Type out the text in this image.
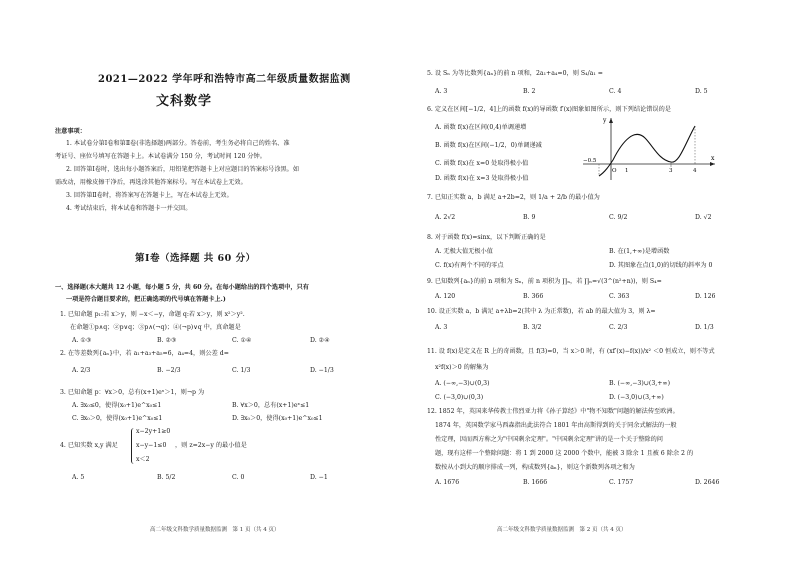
2021—2022 学年呼和浩特市高二年级质量数据监测
文科数学
注意事项：
1. 本试卷分第Ⅰ卷和第Ⅱ卷(非选择题)两部分。答卷前，考生务必将自己的姓名、准
考证号、座位号填写在答题卡上。本试卷满分 150 分，考试时间 120 分钟。
2. 回答第Ⅰ卷时，选出每小题答案后，用铅笔把答题卡上对应题目的答案标号涂黑。如
需改动，用橡皮擦干净后，再选涂其他答案标号。写在本试卷上无效。
3. 回答第Ⅱ卷时，将答案写在答题卡上，写在本试卷上无效。
4. 考试结束后，将本试卷和答题卡一并交回。
第Ⅰ卷（选择题 共 60 分）
一、选择题(本大题共 12 小题，每小题 5 分，共 60 分。在每小题给出的四个选项中，只有
一项是符合题目要求的，把正确选项的代号填在答题卡上.)
1. 已知命题 p₁:若 x＞y，则 −x＜−y，命题 q:若 x＞y，则 x²＞y².
在命题①p∧q；②p∨q；③p∧(¬q)；④(¬p)∨q 中，真命题是
A. ①③	B. ②③	C. ①④	D. ②④
2. 在等差数列{aₙ}中，若 a₁+a₃+a₅=6，a₄=4，则公差 d=
A. 2/3	B. −2/3	C. 1/3	D. −1/3
3. 已知命题 p：∀x＞0，总有(x+1)eˣ＞1，则¬p 为
A. ∃x₀≤0，使得(x₀+1)e^x₀≤1	B. ∀x＞0，总有(x+1)eˣ≤1
C. ∃x₀＞0，使得(x₀+1)e^x₀≤1	D. ∃x₀＞0，使得(x₀+1)e^x₀≤1
4. 已知实数 x,y 满足
x−2y+1≥0
x−y−1≤0
x＜2
，则 z=2x−y 的最小值是
A. 5	B. 5/2	C. 0	D. −1
高二年级文科数学质量数据监测　第 1 页（共 4 页）
5. 设 Sₙ 为等比数列{aₙ}的前 n 项和，2a₁+a₄=0，则 S₄/a₁ =
A. 3	B. 2	C. 4	D. 5
6. 定义在区间[−1/2，4]上的函数 f(x)的导函数 f′(x)图象如图所示，则下列结论错误的是
A. 函数 f(x)在区间(0,4)单调递增
B. 函数 f(x)在区间(−1/2，0)单调递减
C. 函数 f(x)在 x=0 处取得极小值
D. 函数 f(x)在 x=3 处取得极小值
y
x
O
−0.5
1	3	4
7. 已知正实数 a，b 满足 a+2b=2，则 1/a + 2/b 的最小值为
A. 2√2	B. 9	C. 9/2	D. √2
8. 对于函数 f(x)=sinx，以下判断正确的是
A. 无极大值无极小值	B. 在(1,+∞)是增函数
C. f(x)有两个不同的零点	D. 其图象在点(1,0)的切线的斜率为 0
9. 已知数列{aₙ}的前 n 项和为 Sₙ，前 n 项积为 ∏ₙ，若 ∏ₙ=√(3^(n²+n))，则 S₄=
A. 120	B. 366	C. 363	D. 126
10. 设正实数 a，b 满足 a+λb=2(其中 λ 为正常数)，若 ab 的最大值为 3，则 λ=
A. 3	B. 3/2	C. 2/3	D. 1/3
11. 设 f(x)是定义在 R 上的奇函数，且 f(3)=0，当 x＞0 时，有 (xf′(x)−f(x))/x² ＜0 恒成立，则不等式
x²f(x)＞0 的解集为
A. (−∞,−3)∪(0,3)	B. (−∞,−3)∪(3,+∞)
C. (−3,0)∪(0,3)	D. (−3,0)∪(3,+∞)
12. 1852 年，英国来华传教士伟烈亚力将《孙子算经》中"物不知数"问题的解法传至欧洲。
1874 年，英国数学家马西森指出此法符合 1801 年由高斯得到的关于同余式解法的一般
性定理，因而西方称之为"中国剩余定理"。"中国剩余定理"讲的是一个关于整除的问
题，现有这样一个整除问题：将 1 到 2000 这 2000 个数中，能被 3 除余 1 且被 6 除余 2 的
数按从小到大的顺序排成一列，构成数列{aₙ}，则这个新数列各项之和为
A. 1676	B. 1666	C. 1757	D. 2646
高二年级文科数学质量数据监测　第 2 页（共 4 页）
